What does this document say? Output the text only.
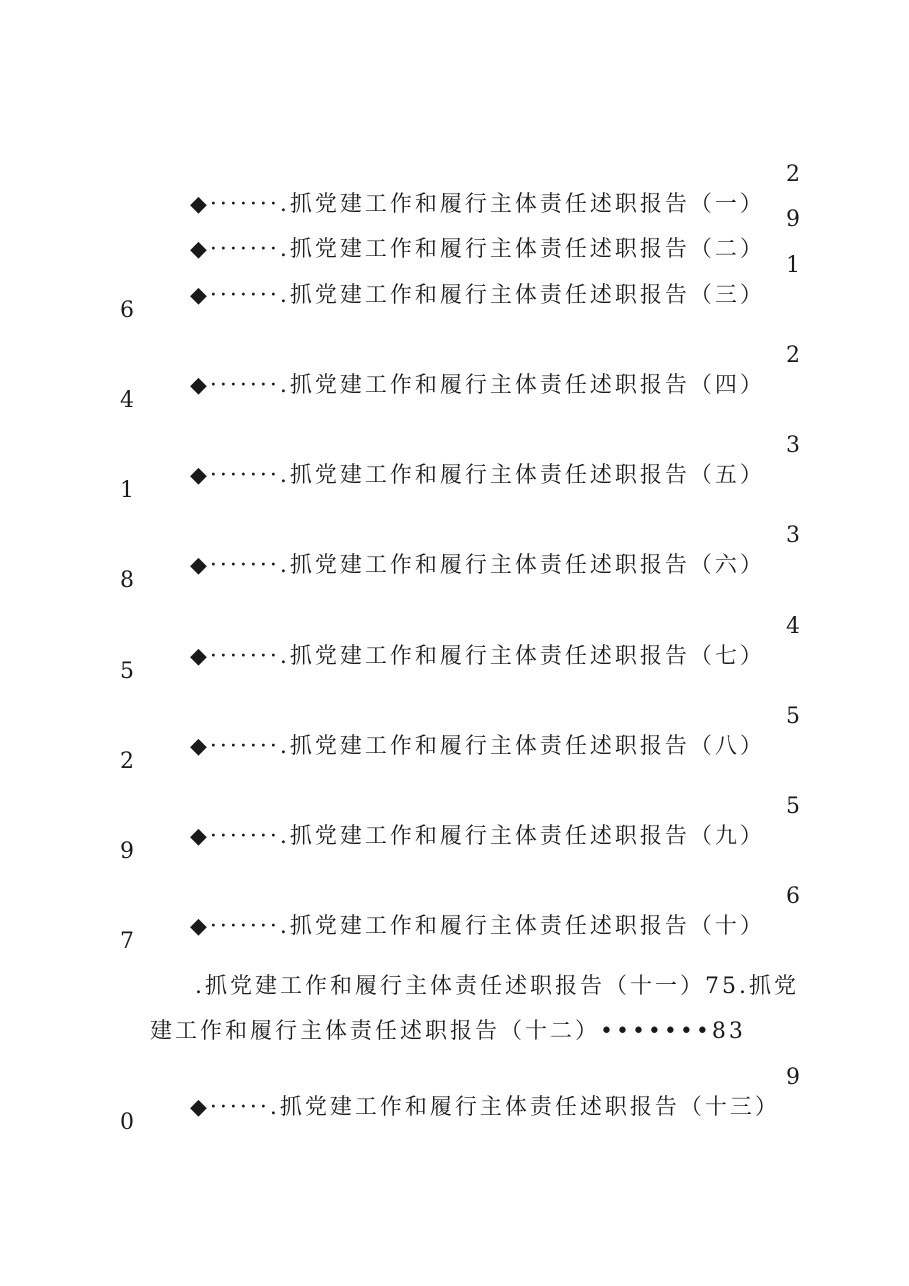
◆·······.抓党建工作和履行主体责任述职报告（一）

2

◆·······.抓党建工作和履行主体责任述职报告（二）

9

◆·······.抓党建工作和履行主体责任述职报告（三）

1

6

◆·······.抓党建工作和履行主体责任述职报告（四）

2

4

◆·······.抓党建工作和履行主体责任述职报告（五）

3

1

◆·······.抓党建工作和履行主体责任述职报告（六）

3

8

◆·······.抓党建工作和履行主体责任述职报告（七）

4

5

◆·······.抓党建工作和履行主体责任述职报告（八）

5

2

◆·······.抓党建工作和履行主体责任述职报告（九）

5

9

◆·······.抓党建工作和履行主体责任述职报告（十）

6

7
.抓党建工作和履行主体责任述职报告（十一）75.抓党
建工作和履行主体责任述职报告（十二）•••••••83

◆······.抓党建工作和履行主体责任述职报告（十三）

9

0
